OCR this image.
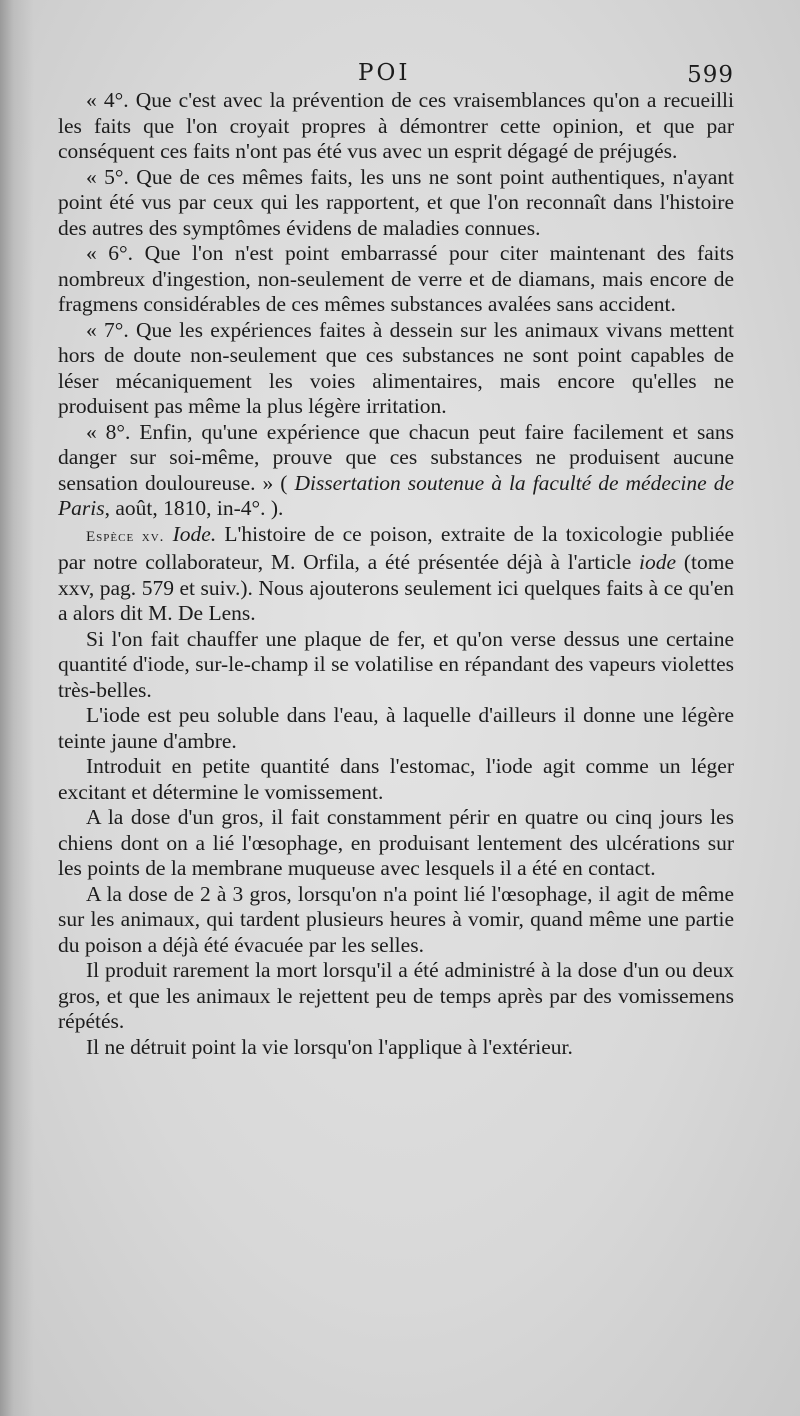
POI	599

« 4°. Que c'est avec la prévention de ces vraisemblances qu'on a recueilli les faits que l'on croyait propres à démontrer cette opinion, et que par conséquent ces faits n'ont pas été vus avec un esprit dégagé de préjugés.

« 5°. Que de ces mêmes faits, les uns ne sont point authentiques, n'ayant point été vus par ceux qui les rapportent, et que l'on reconnaît dans l'histoire des autres des symptômes évidens de maladies connues.

« 6°. Que l'on n'est point embarrassé pour citer maintenant des faits nombreux d'ingestion, non-seulement de verre et de diamans, mais encore de fragmens considérables de ces mêmes substances avalées sans accident.

« 7°. Que les expériences faites à dessein sur les animaux vivans mettent hors de doute non-seulement que ces substances ne sont point capables de léser mécaniquement les voies alimentaires, mais encore qu'elles ne produisent pas même la plus légère irritation.

« 8°. Enfin, qu'une expérience que chacun peut faire facilement et sans danger sur soi-même, prouve que ces substances ne produisent aucune sensation douloureuse. » ( Dissertation soutenue à la faculté de médecine de Paris, août, 1810, in-4°. ).

Espèce xv. Iode. L'histoire de ce poison, extraite de la toxicologie publiée par notre collaborateur, M. Orfila, a été présentée déjà à l'article iode (tome xxv, pag. 579 et suiv.). Nous ajouterons seulement ici quelques faits à ce qu'en a alors dit M. De Lens.

Si l'on fait chauffer une plaque de fer, et qu'on verse dessus une certaine quantité d'iode, sur-le-champ il se volatilise en répandant des vapeurs violettes très-belles.

L'iode est peu soluble dans l'eau, à laquelle d'ailleurs il donne une légère teinte jaune d'ambre.

Introduit en petite quantité dans l'estomac, l'iode agit comme un léger excitant et détermine le vomissement.

A la dose d'un gros, il fait constamment périr en quatre ou cinq jours les chiens dont on a lié l'œsophage, en produisant lentement des ulcérations sur les points de la membrane muqueuse avec lesquels il a été en contact.

A la dose de 2 à 3 gros, lorsqu'on n'a point lié l'œsophage, il agit de même sur les animaux, qui tardent plusieurs heures à vomir, quand même une partie du poison a déjà été évacuée par les selles.

Il produit rarement la mort lorsqu'il a été administré à la dose d'un ou deux gros, et que les animaux le rejettent peu de temps après par des vomissemens répétés.

Il ne détruit point la vie lorsqu'on l'applique à l'extérieur.
